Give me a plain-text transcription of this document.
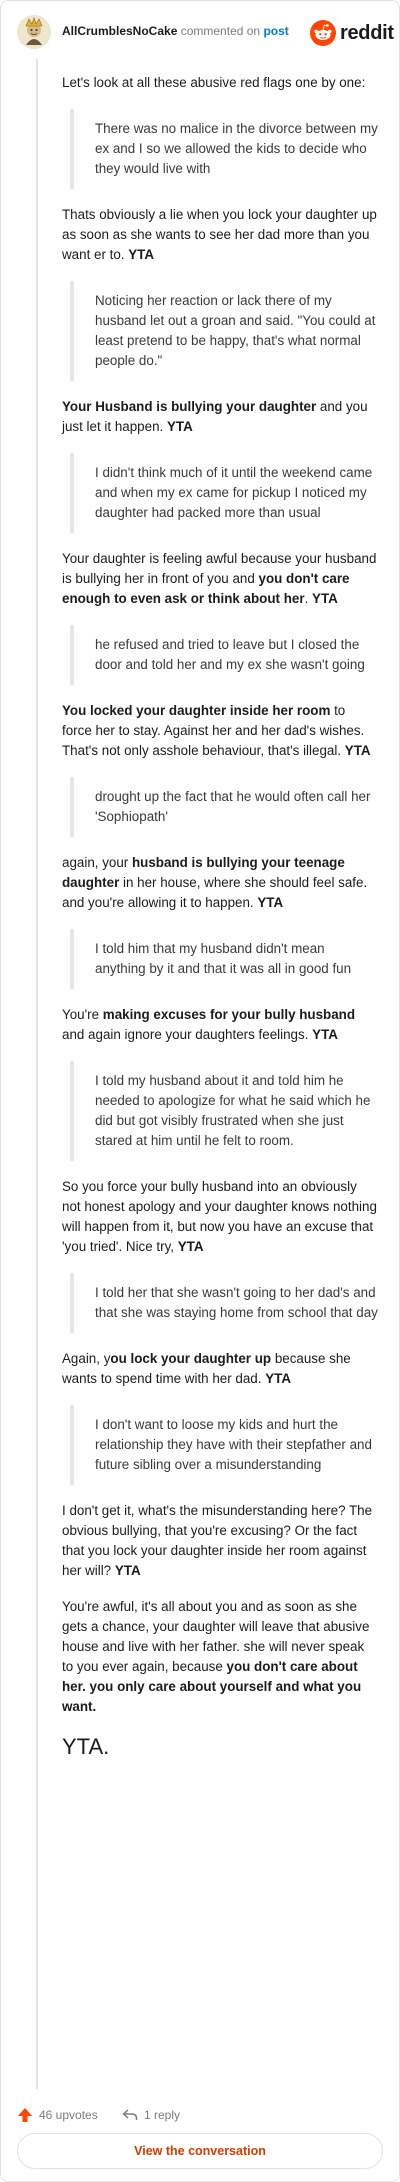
AllCrumblesNoCake commented on post	reddit

Let's look at all these abusive red flags one by one:

There was no malice in the divorce between my ex and I so we allowed the kids to decide who they would live with

Thats obviously a lie when you lock your daughter up as soon as she wants to see her dad more than you want er to. YTA

Noticing her reaction or lack there of my husband let out a groan and said. "You could at least pretend to be happy, that's what normal people do."

Your Husband is bullying your daughter and you just let it happen. YTA

I didn't think much of it until the weekend came and when my ex came for pickup I noticed my daughter had packed more than usual

Your daughter is feeling awful because your husband is bullying her in front of you and you don't care enough to even ask or think about her. YTA

he refused and tried to leave but I closed the door and told her and my ex she wasn't going

You locked your daughter inside her room to force her to stay. Against her and her dad's wishes. That's not only asshole behaviour, that's illegal. YTA

drought up the fact that he would often call her 'Sophiopath'

again, your husband is bullying your teenage daughter in her house, where she should feel safe. and you're allowing it to happen. YTA

I told him that my husband didn't mean anything by it and that it was all in good fun

You're making excuses for your bully husband and again ignore your daughters feelings. YTA

I told my husband about it and told him he needed to apologize for what he said which he did but got visibly frustrated when she just stared at him until he felt to room.

So you force your bully husband into an obviously not honest apology and your daughter knows nothing will happen from it, but now you have an excuse that 'you tried'. Nice try, YTA

I told her that she wasn't going to her dad's and that she was staying home from school that day

Again, you lock your daughter up because she wants to spend time with her dad. YTA

I don't want to loose my kids and hurt the relationship they have with their stepfather and future sibling over a misunderstanding

I don't get it, what's the misunderstanding here? The obvious bullying, that you're excusing? Or the fact that you lock your daughter inside her room against her will? YTA

You're awful, it's all about you and as soon as she gets a chance, your daughter will leave that abusive house and live with her father. she will never speak to you ever again, because you don't care about her. you only care about yourself and what you want.

YTA.

46 upvotes	1 reply
View the conversation
